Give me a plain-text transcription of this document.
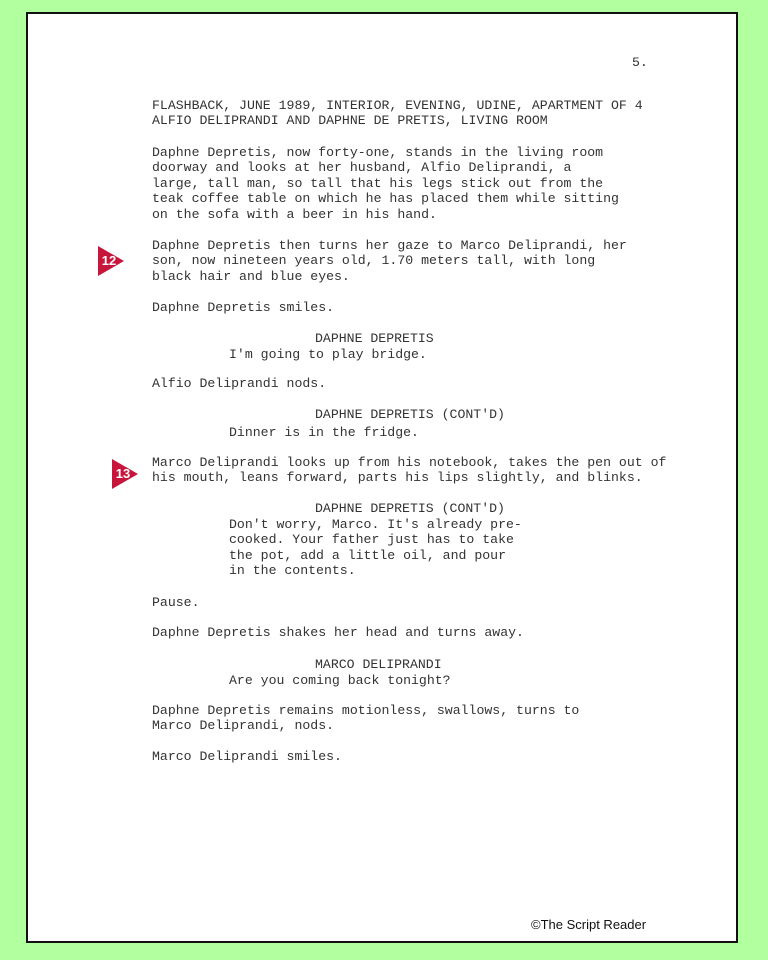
5.
FLASHBACK, JUNE 1989, INTERIOR, EVENING, UDINE, APARTMENT OF 4
ALFIO DELIPRANDI AND DAPHNE DE PRETIS, LIVING ROOM
Daphne Depretis, now forty-one, stands in the living room
doorway and looks at her husband, Alfio Deliprandi, a
large, tall man, so tall that his legs stick out from the
teak coffee table on which he has placed them while sitting
on the sofa with a beer in his hand.
12
Daphne Depretis then turns her gaze to Marco Deliprandi, her
son, now nineteen years old, 1.70 meters tall, with long
black hair and blue eyes.
Daphne Depretis smiles.
DAPHNE DEPRETIS
I'm going to play bridge.
Alfio Deliprandi nods.
DAPHNE DEPRETIS (CONT'D)
Dinner is in the fridge.
13
Marco Deliprandi looks up from his notebook, takes the pen out of
his mouth, leans forward, parts his lips slightly, and blinks.
DAPHNE DEPRETIS (CONT'D)
Don't worry, Marco. It's already pre-
cooked. Your father just has to take
the pot, add a little oil, and pour
in the contents.
Pause.
Daphne Depretis shakes her head and turns away.
MARCO DELIPRANDI
Are you coming back tonight?
Daphne Depretis remains motionless, swallows, turns to
Marco Deliprandi, nods.
Marco Deliprandi smiles.
©The Script Reader
